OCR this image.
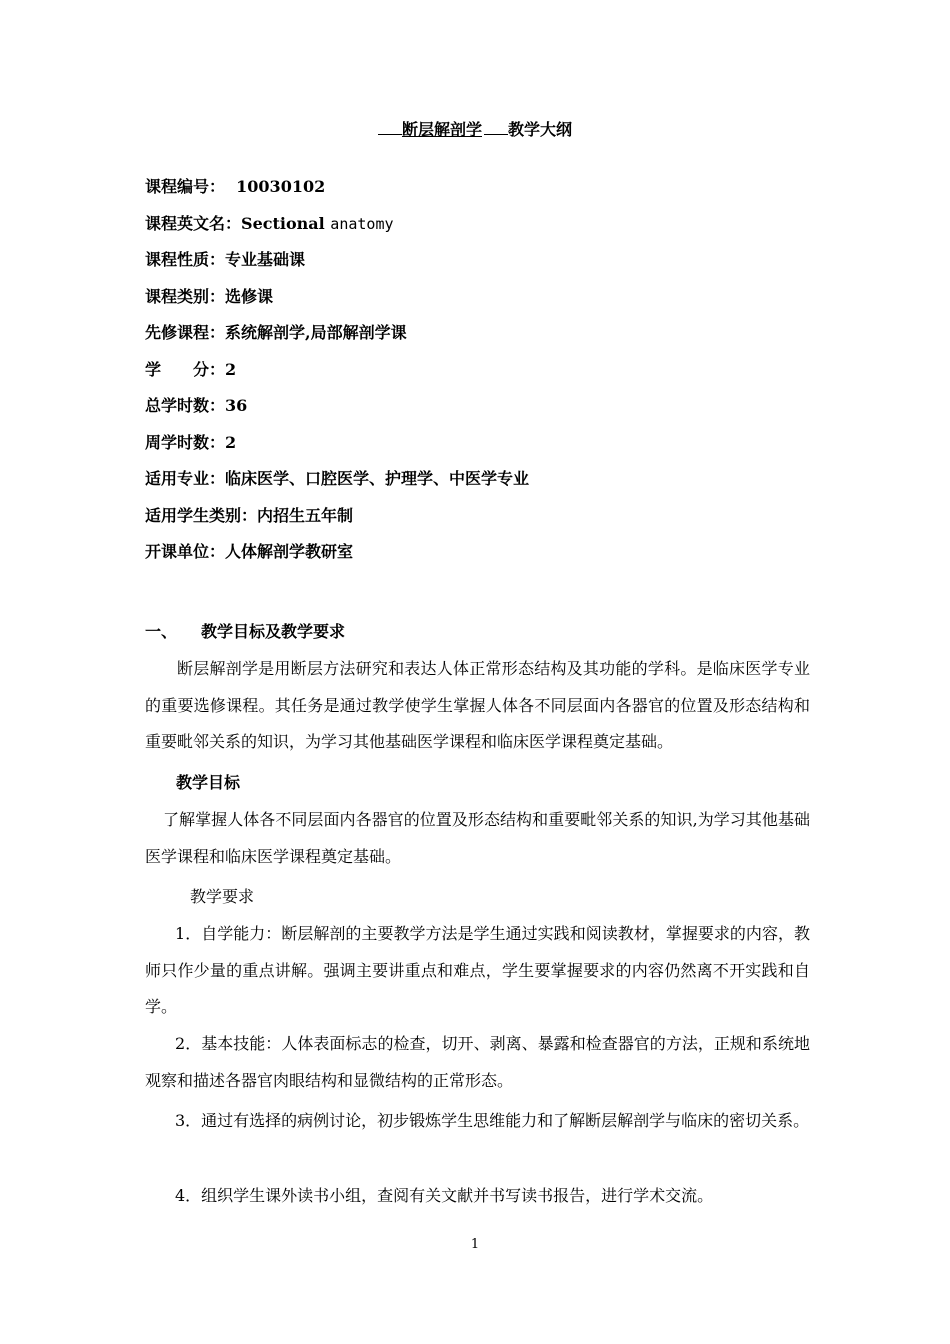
断层解剖学 教学大纲
课程编号： 10030102
课程英文名：Sectional anatomy
课程性质：专业基础课
课程类别：选修课
先修课程：系统解剖学,局部解剖学课
学　　分：2
总学时数：36
周学时数：2
适用专业：临床医学、口腔医学、护理学、中医学专业
适用学生类别：内招生五年制
开课单位：人体解剖学教研室
一、 教学目标及教学要求
断层解剖学是用断层方法研究和表达人体正常形态结构及其功能的学科。是临床医学专业的重要选修课程。其任务是通过教学使学生掌握人体各不同层面内各器官的位置及形态结构和重要毗邻关系的知识，为学习其他基础医学课程和临床医学课程奠定基础。
教学目标
了解掌握人体各不同层面内各器官的位置及形态结构和重要毗邻关系的知识,为学习其他基础医学课程和临床医学课程奠定基础。
教学要求
1．自学能力：断层解剖的主要教学方法是学生通过实践和阅读教材，掌握要求的内容，教师只作少量的重点讲解。强调主要讲重点和难点，学生要掌握要求的内容仍然离不开实践和自学。
2．基本技能：人体表面标志的检查，切开、剥离、暴露和检查器官的方法，正规和系统地观察和描述各器官肉眼结构和显微结构的正常形态。
3．通过有选择的病例讨论，初步锻炼学生思维能力和了解断层解剖学与临床的密切关系。
4．组织学生课外读书小组，查阅有关文献并书写读书报告，进行学术交流。
1
